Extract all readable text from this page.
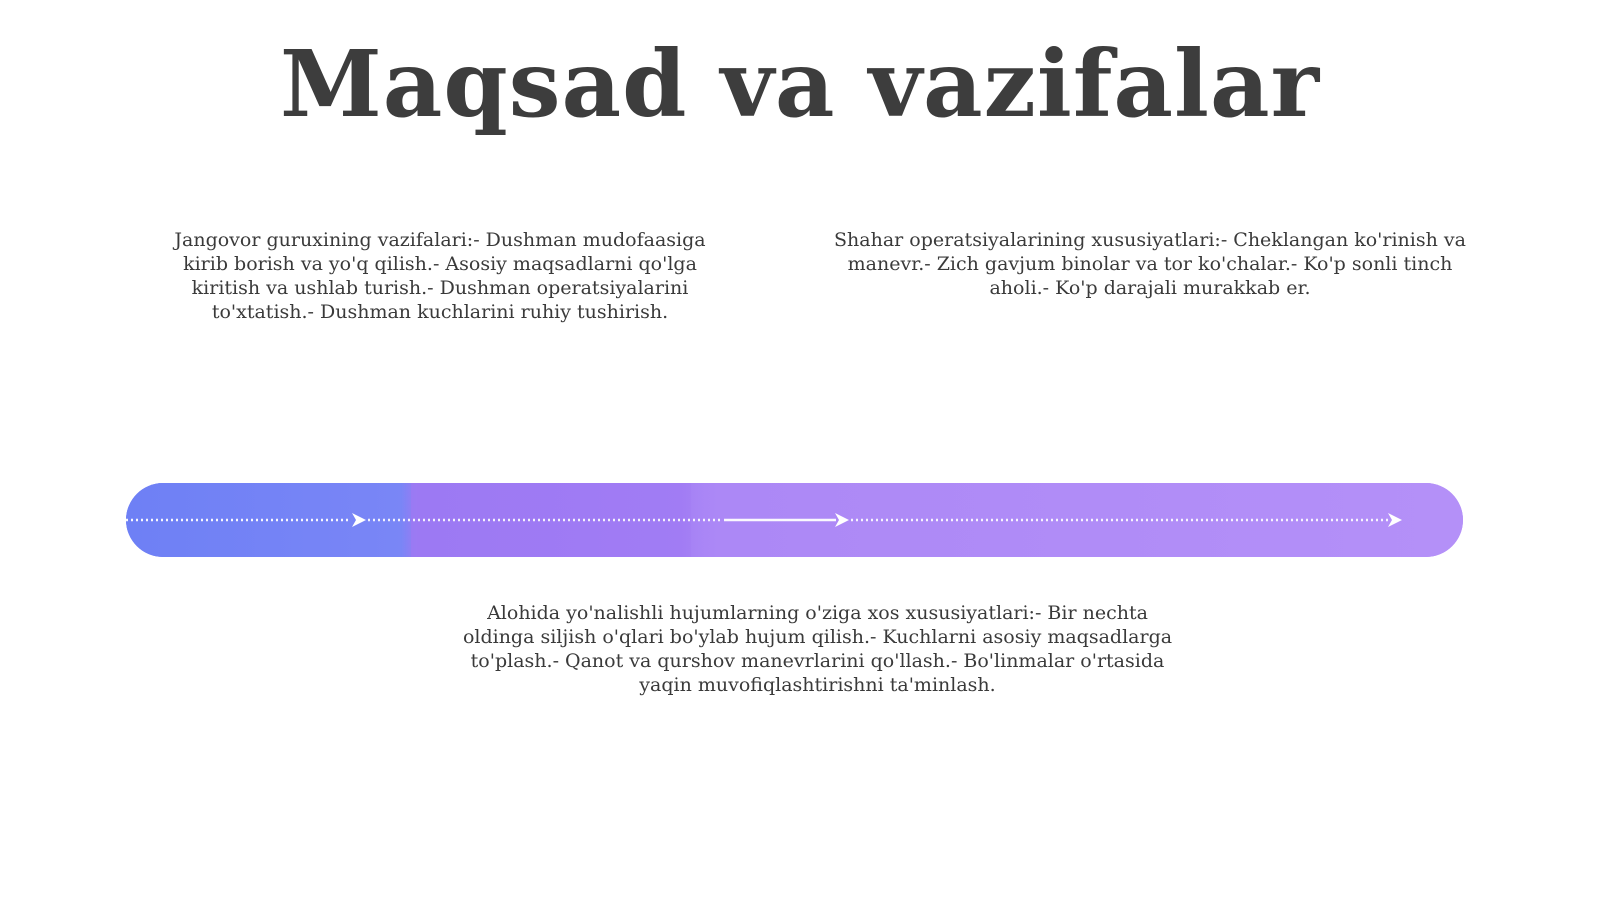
Maqsad va vazifalar

Jangovor guruxining vazifalari:- Dushman mudofaasiga kirib borish va yo'q qilish.- Asosiy maqsadlarni qo'lga kiritish va ushlab turish.- Dushman operatsiyalarini to'xtatish.- Dushman kuchlarini ruhiy tushirish.

Shahar operatsiyalarining xususiyatlari:- Cheklangan ko'rinish va manevr.- Zich gavjum binolar va tor ko'chalar.- Ko'p sonli tinch aholi.- Ko'p darajali murakkab er.

Alohida yo'nalishli hujumlarning o'ziga xos xususiyatlari:- Bir nechta oldinga siljish o'qlari bo'ylab hujum qilish.- Kuchlarni asosiy maqsadlarga to'plash.- Qanot va qurshov manevrlarini qo'llash.- Bo'linmalar o'rtasida yaqin muvofiqlashtirishni ta'minlash.
